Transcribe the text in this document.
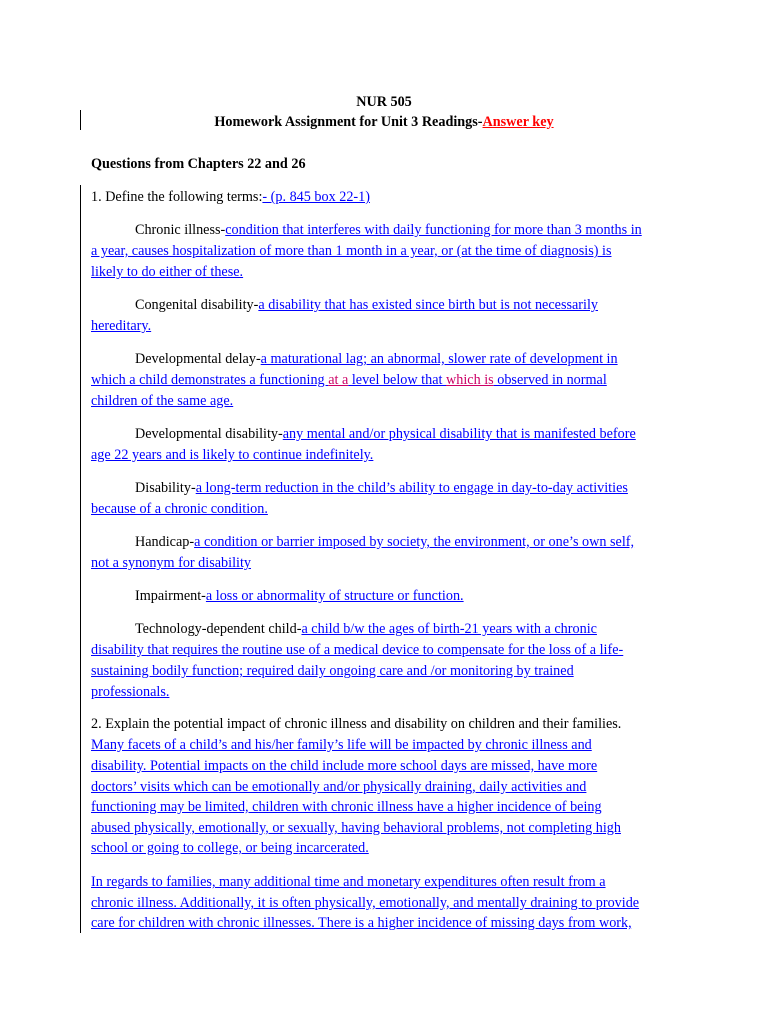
NUR 505
Homework Assignment for Unit 3 Readings-Answer key
Questions from Chapters 22 and 26
1. Define the following terms:- (p. 845 box 22-1)
Chronic illness-condition that interferes with daily functioning for more than 3 months in
a year, causes hospitalization of more than 1 month in a year, or (at the time of diagnosis) is
likely to do either of these.
Congenital disability-a disability that has existed since birth but is not necessarily
hereditary.
Developmental delay-a maturational lag; an abnormal, slower rate of development in
which a child demonstrates a functioning at a level below that which is observed in normal
children of the same age.
Developmental disability-any mental and/or physical disability that is manifested before
age 22 years and is likely to continue indefinitely.
Disability-a long-term reduction in the child’s ability to engage in day-to-day activities
because of a chronic condition.
Handicap-a condition or barrier imposed by society, the environment, or one’s own self,
not a synonym for disability
Impairment-a loss or abnormality of structure or function.
Technology-dependent child-a child b/w the ages of birth-21 years with a chronic
disability that requires the routine use of a medical device to compensate for the loss of a life-
sustaining bodily function; required daily ongoing care and /or monitoring by trained
professionals.
2. Explain the potential impact of chronic illness and disability on children and their families.
Many facets of a child’s and his/her family’s life will be impacted by chronic illness and
disability. Potential impacts on the child include more school days are missed, have more
doctors’ visits which can be emotionally and/or physically draining, daily activities and
functioning may be limited, children with chronic illness have a higher incidence of being
abused physically, emotionally, or sexually, having behavioral problems, not completing high
school or going to college, or being incarcerated.
In regards to families, many additional time and monetary expenditures often result from a
chronic illness. Additionally, it is often physically, emotionally, and mentally draining to provide
care for children with chronic illnesses. There is a higher incidence of missing days from work,
